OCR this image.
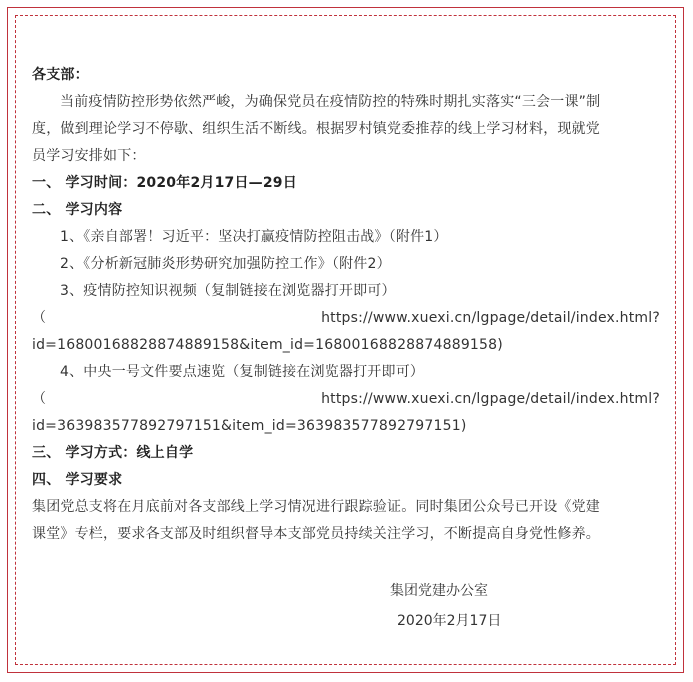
各支部：
当前疫情防控形势依然严峻，为确保党员在疫情防控的特殊时期扎实落实“三会一课”制
度，做到理论学习不停歇、组织生活不断线。根据罗村镇党委推荐的线上学习材料，现就党
员学习安排如下：
一、 学习时间：2020年2月17日—29日
二、 学习内容
1、《亲自部署！习近平：坚决打赢疫情防控阻击战》（附件1）
2、《分析新冠肺炎形势研究加强防控工作》（附件2）
3、疫情防控知识视频（复制链接在浏览器打开即可）
（	https://www.xuexi.cn/lgpage/detail/index.html?
id=16800168828874889158&item_id=16800168828874889158)
4、中央一号文件要点速览（复制链接在浏览器打开即可）
（	https://www.xuexi.cn/lgpage/detail/index.html?
id=363983577892797151&item_id=363983577892797151)
三、 学习方式：线上自学
四、 学习要求
集团党总支将在月底前对各支部线上学习情况进行跟踪验证。同时集团公众号已开设《党建
课堂》专栏，要求各支部及时组织督导本支部党员持续关注学习，不断提高自身党性修养。
集团党建办公室
2020年2月17日
